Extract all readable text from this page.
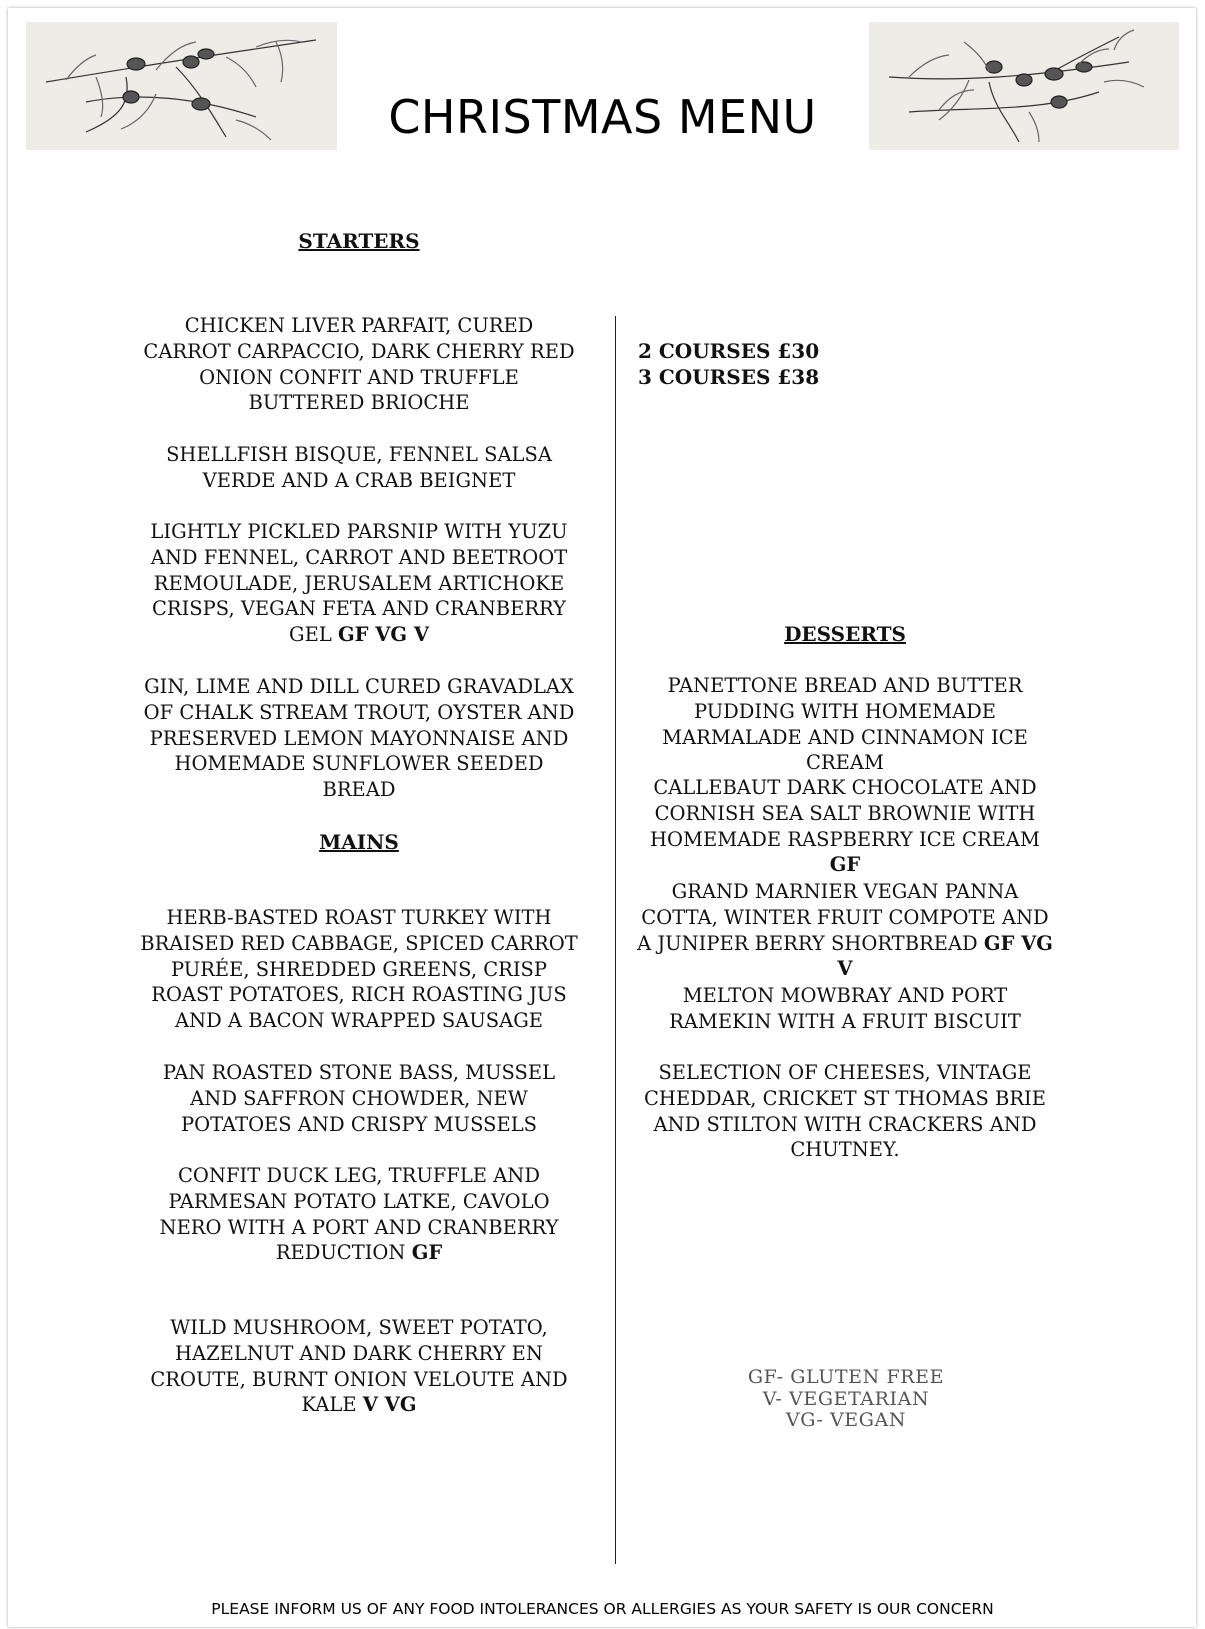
CHRISTMAS MENU
STARTERS

CHICKEN LIVER PARFAIT, CURED CARROT CARPACCIO, DARK CHERRY RED ONION CONFIT AND TRUFFLE BUTTERED BRIOCHE

SHELLFISH BISQUE, FENNEL SALSA VERDE AND A CRAB BEIGNET

LIGHTLY PICKLED PARSNIP WITH YUZU AND FENNEL, CARROT AND BEETROOT REMOULADE, JERUSALEM ARTICHOKE CRISPS, VEGAN FETA AND CRANBERRY GEL GF VG V

GIN, LIME AND DILL CURED GRAVADLAX OF CHALK STREAM TROUT, OYSTER AND PRESERVED LEMON MAYONNAISE AND HOMEMADE SUNFLOWER SEEDED BREAD

MAINS

HERB-BASTED ROAST TURKEY WITH BRAISED RED CABBAGE, SPICED CARROT PURÉE, SHREDDED GREENS, CRISP ROAST POTATOES, RICH ROASTING JUS AND A BACON WRAPPED SAUSAGE

PAN ROASTED STONE BASS, MUSSEL AND SAFFRON CHOWDER, NEW POTATOES AND CRISPY MUSSELS

CONFIT DUCK LEG, TRUFFLE AND PARMESAN POTATO LATKE, CAVOLO NERO WITH A PORT AND CRANBERRY REDUCTION GF

WILD MUSHROOM, SWEET POTATO, HAZELNUT AND DARK CHERRY EN CROUTE, BURNT ONION VELOUTE AND KALE V VG

2 COURSES £30
3 COURSES £38
DESSERTS

PANETTONE BREAD AND BUTTER PUDDING WITH HOMEMADE MARMALADE AND CINNAMON ICE CREAM

CALLEBAUT DARK CHOCOLATE AND CORNISH SEA SALT BROWNIE WITH HOMEMADE RASPBERRY ICE CREAM GF

GRAND MARNIER VEGAN PANNA COTTA, WINTER FRUIT COMPOTE AND A JUNIPER BERRY SHORTBREAD GF VG V

MELTON MOWBRAY AND PORT RAMEKIN WITH A FRUIT BISCUIT

SELECTION OF CHEESES, VINTAGE CHEDDAR, CRICKET ST THOMAS BRIE AND STILTON WITH CRACKERS AND CHUTNEY.

GF- GLUTEN FREE
V- VEGETARIAN
VG- VEGAN
PLEASE INFORM US OF ANY FOOD INTOLERANCES OR ALLERGIES AS YOUR SAFETY IS OUR CONCERN
